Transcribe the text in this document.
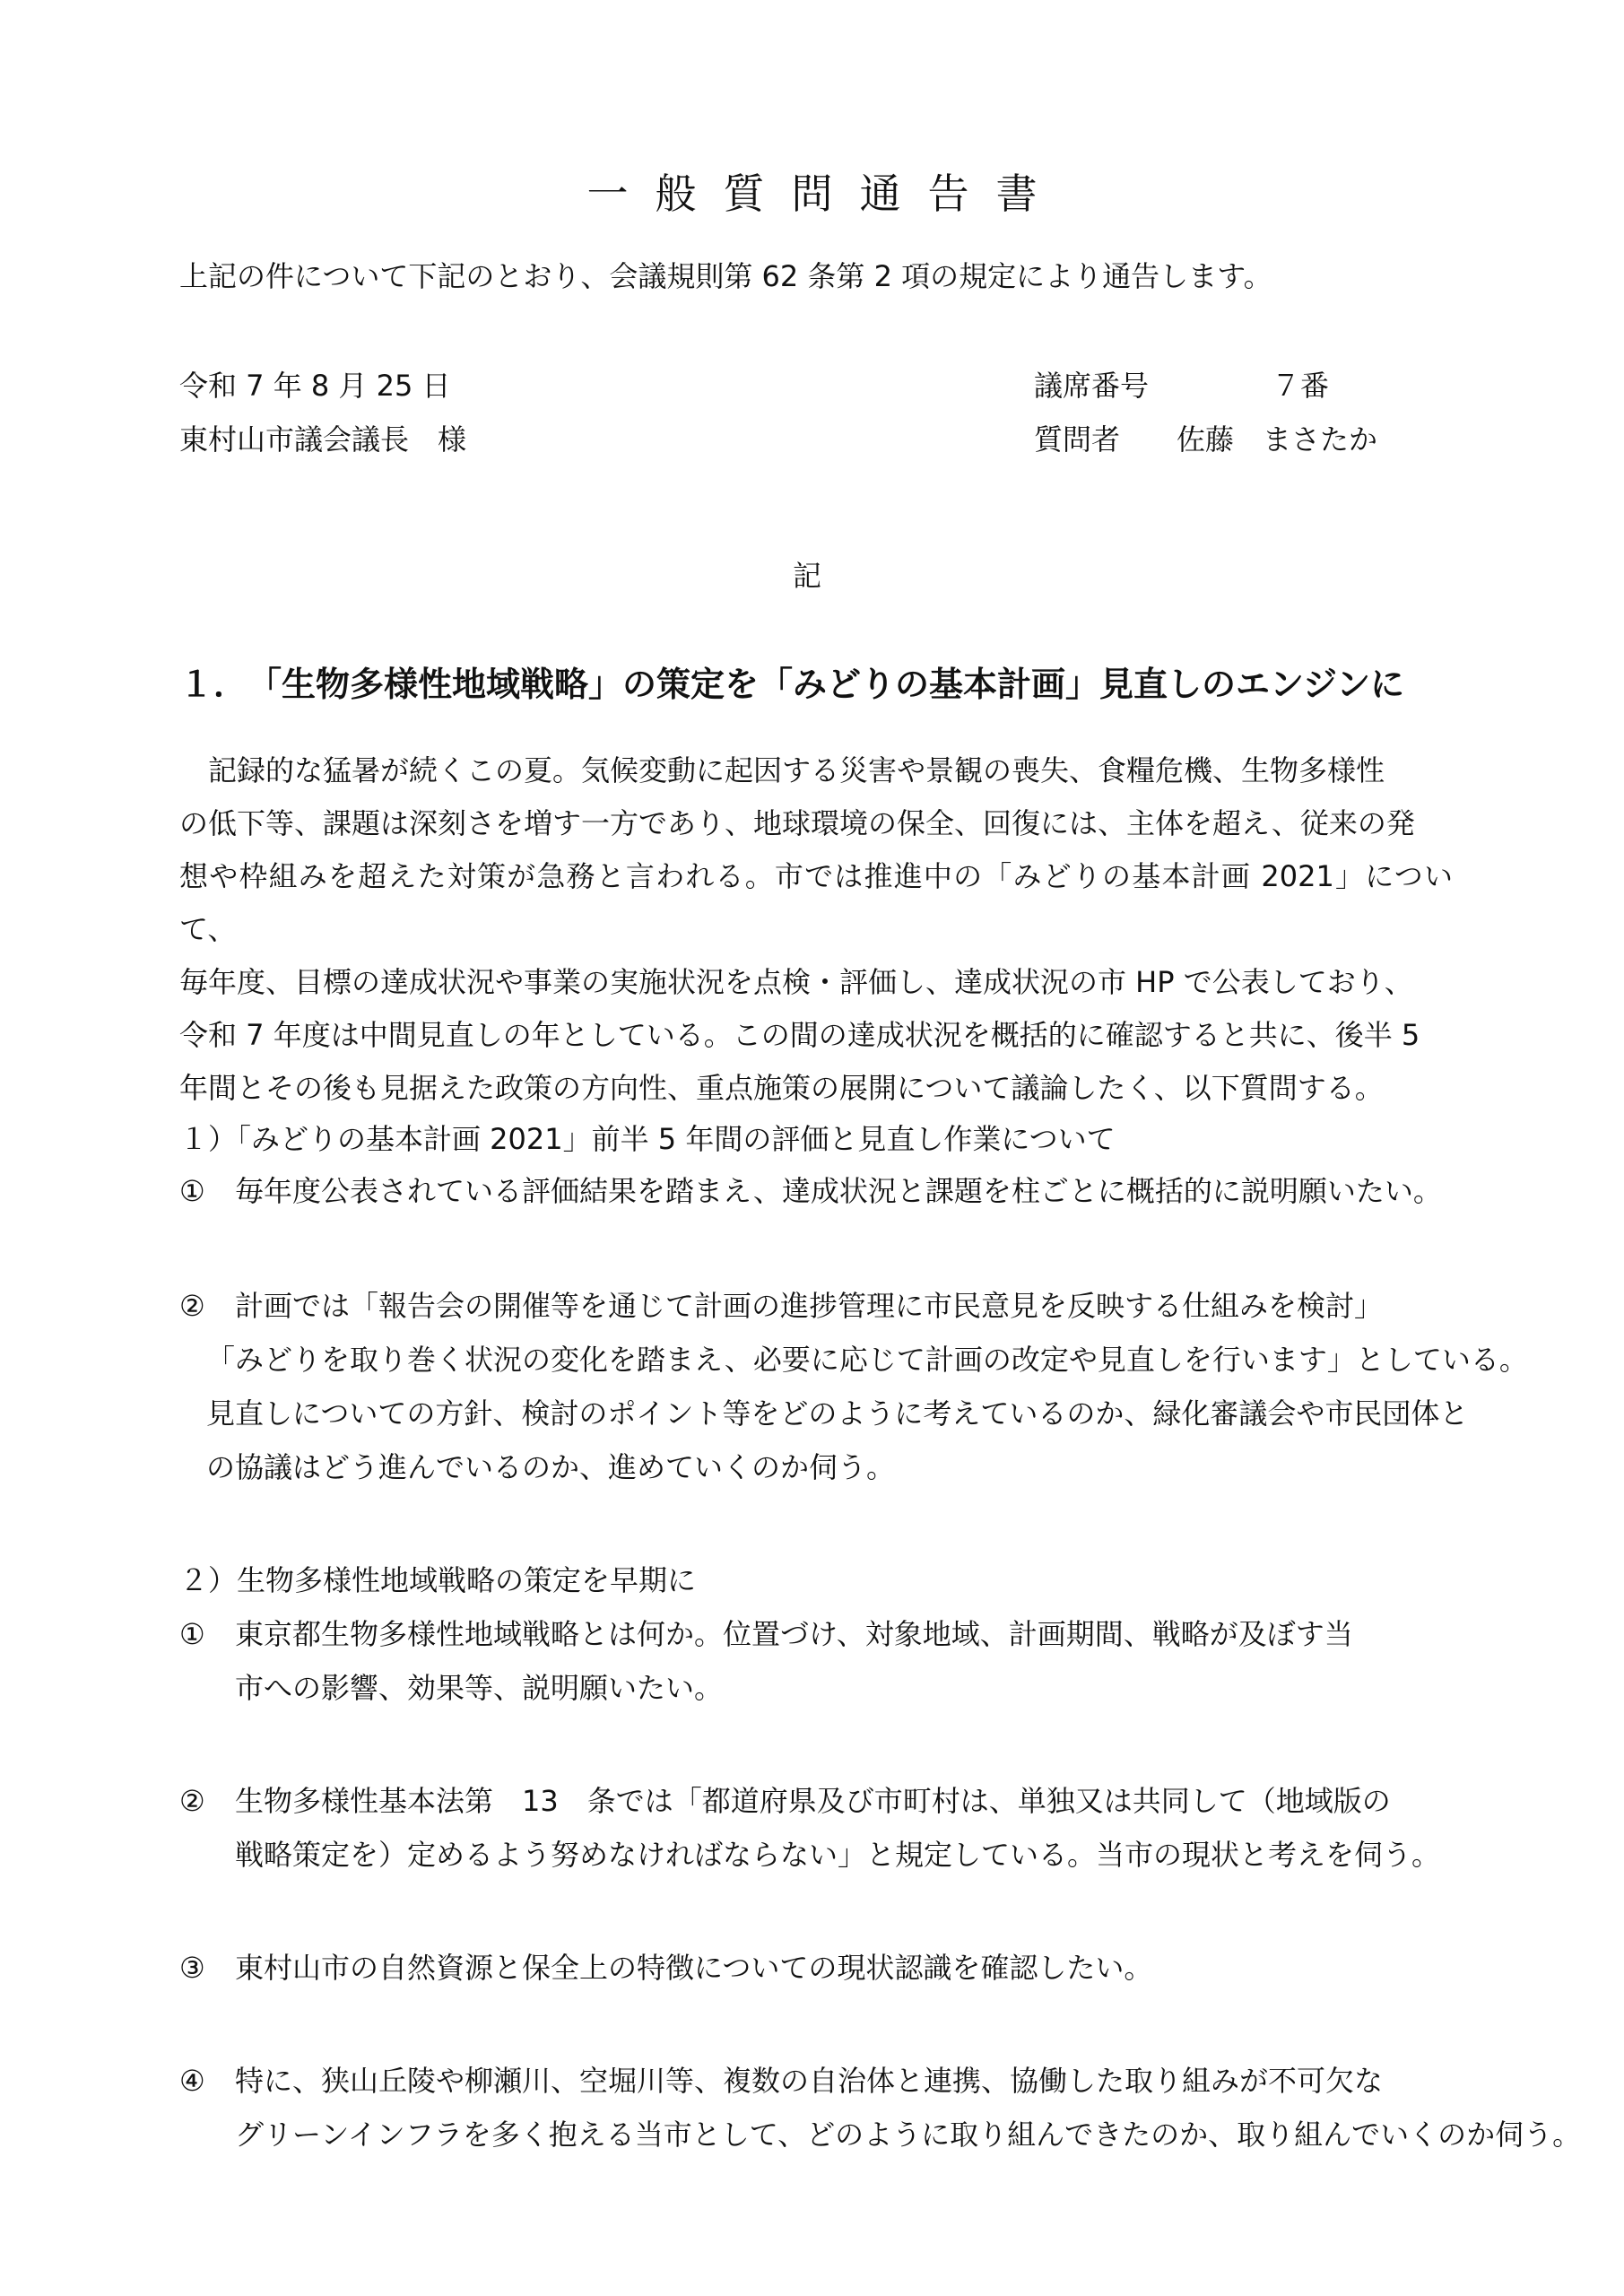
一般質問通告書
上記の件について下記のとおり、会議規則第 62 条第 2 項の規定により通告します。
令和 7 年 8 月 25 日	議席番号	７番
東村山市議会議長　様	質問者 佐藤　まさたか
記
１．　「生物多様性地域戦略」の策定を「みどりの基本計画」見直しのエンジンに

　記録的な猛暑が続くこの夏。気候変動に起因する災害や景観の喪失、食糧危機、生物多様性

の低下等、課題は深刻さを増す一方であり、地球環境の保全、回復には、主体を超え、従来の発

想や枠組みを超えた対策が急務と言われる。市では推進中の「みどりの基本計画 2021」について、

毎年度、目標の達成状況や事業の実施状況を点検・評価し、達成状況の市 HP で公表しており、

令和 7 年度は中間見直しの年としている。この間の達成状況を概括的に確認すると共に、後半 5

年間とその後も見据えた政策の方向性、重点施策の展開について議論したく、以下質問する。

１）「みどりの基本計画 2021」前半 5 年間の評価と見直し作業について
①	毎年度公表されている評価結果を踏まえ、達成状況と課題を柱ごとに概括的に説明願いたい。
②	計画では「報告会の開催等を通じて計画の進捗管理に市民意見を反映する仕組みを検討」
「みどりを取り巻く状況の変化を踏まえ、必要に応じて計画の改定や見直しを行います」としている。
見直しについての方針、検討のポイント等をどのように考えているのか、緑化審議会や市民団体と
の協議はどう進んでいるのか、進めていくのか伺う。
２）生物多様性地域戦略の策定を早期に
①	東京都生物多様性地域戦略とは何か。位置づけ、対象地域、計画期間、戦略が及ぼす当
市への影響、効果等、説明願いたい。
②	生物多様性基本法第　13　条では「都道府県及び市町村は、単独又は共同して（地域版の
戦略策定を）定めるよう努めなければならない」と規定している。当市の現状と考えを伺う。
③	東村山市の自然資源と保全上の特徴についての現状認識を確認したい。
④	特に、狭山丘陵や柳瀬川、空堀川等、複数の自治体と連携、協働した取り組みが不可欠な
グリーンインフラを多く抱える当市として、どのように取り組んできたのか、取り組んでいくのか伺う。
